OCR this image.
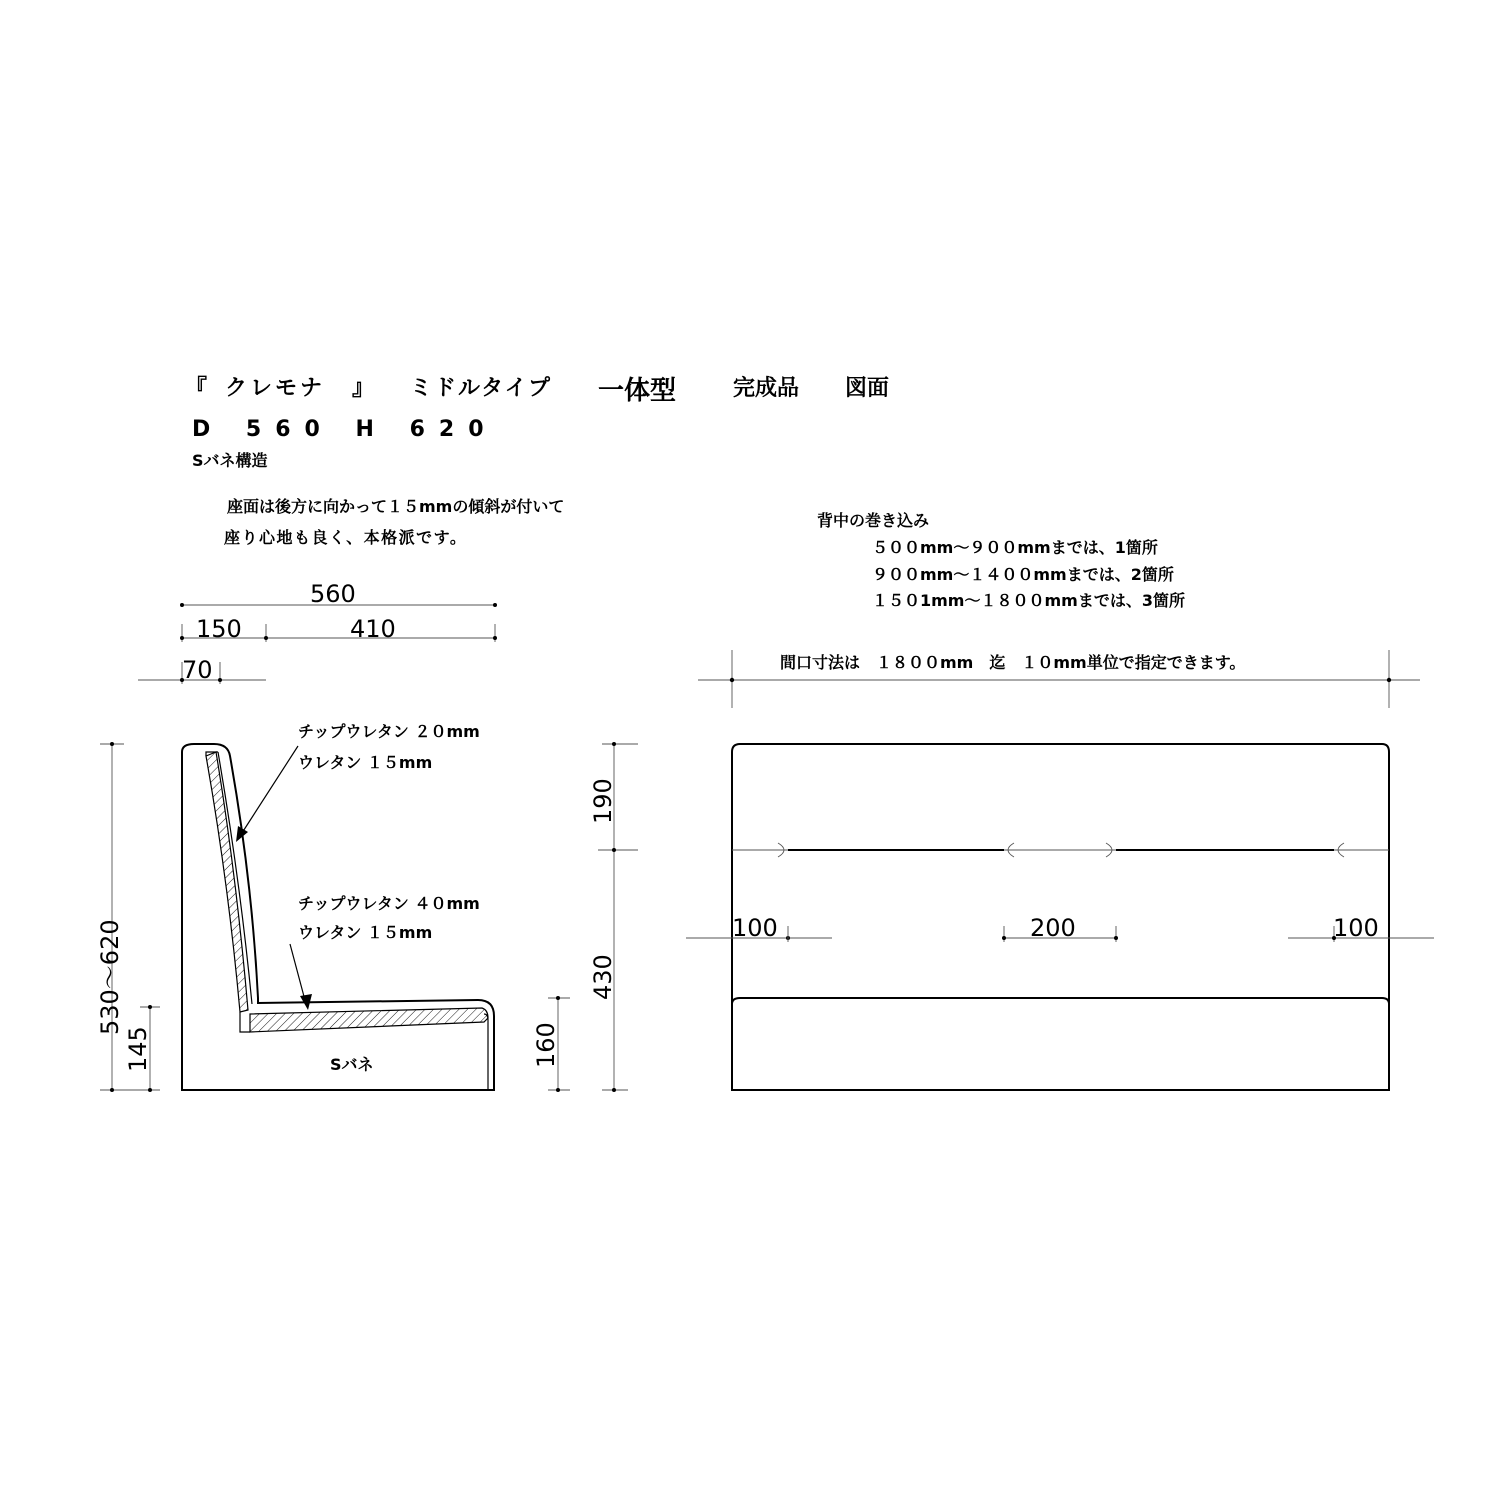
『 クレモナ 』 ミドルタイプ 一体型	完成品 図面
D 560 H 620
Sバネ構造
座面は後方に向かって１５mmの傾斜が付いて
座り心地も良く、本格派です。
背中の巻き込み
５００mm～９００mmまでは、1箇所
９００mm～１４００mmまでは、2箇所
１５０1mm～１８００mmまでは、3箇所
間口寸法は　１８００mm　迄　１０mm単位で指定できます。
560
150	410
70
Sバネ
チップウレタン ２０mm
ウレタン １５mm
チップウレタン ４０mm
ウレタン １５mm
530～620
145	160
190
430
100	200	100
